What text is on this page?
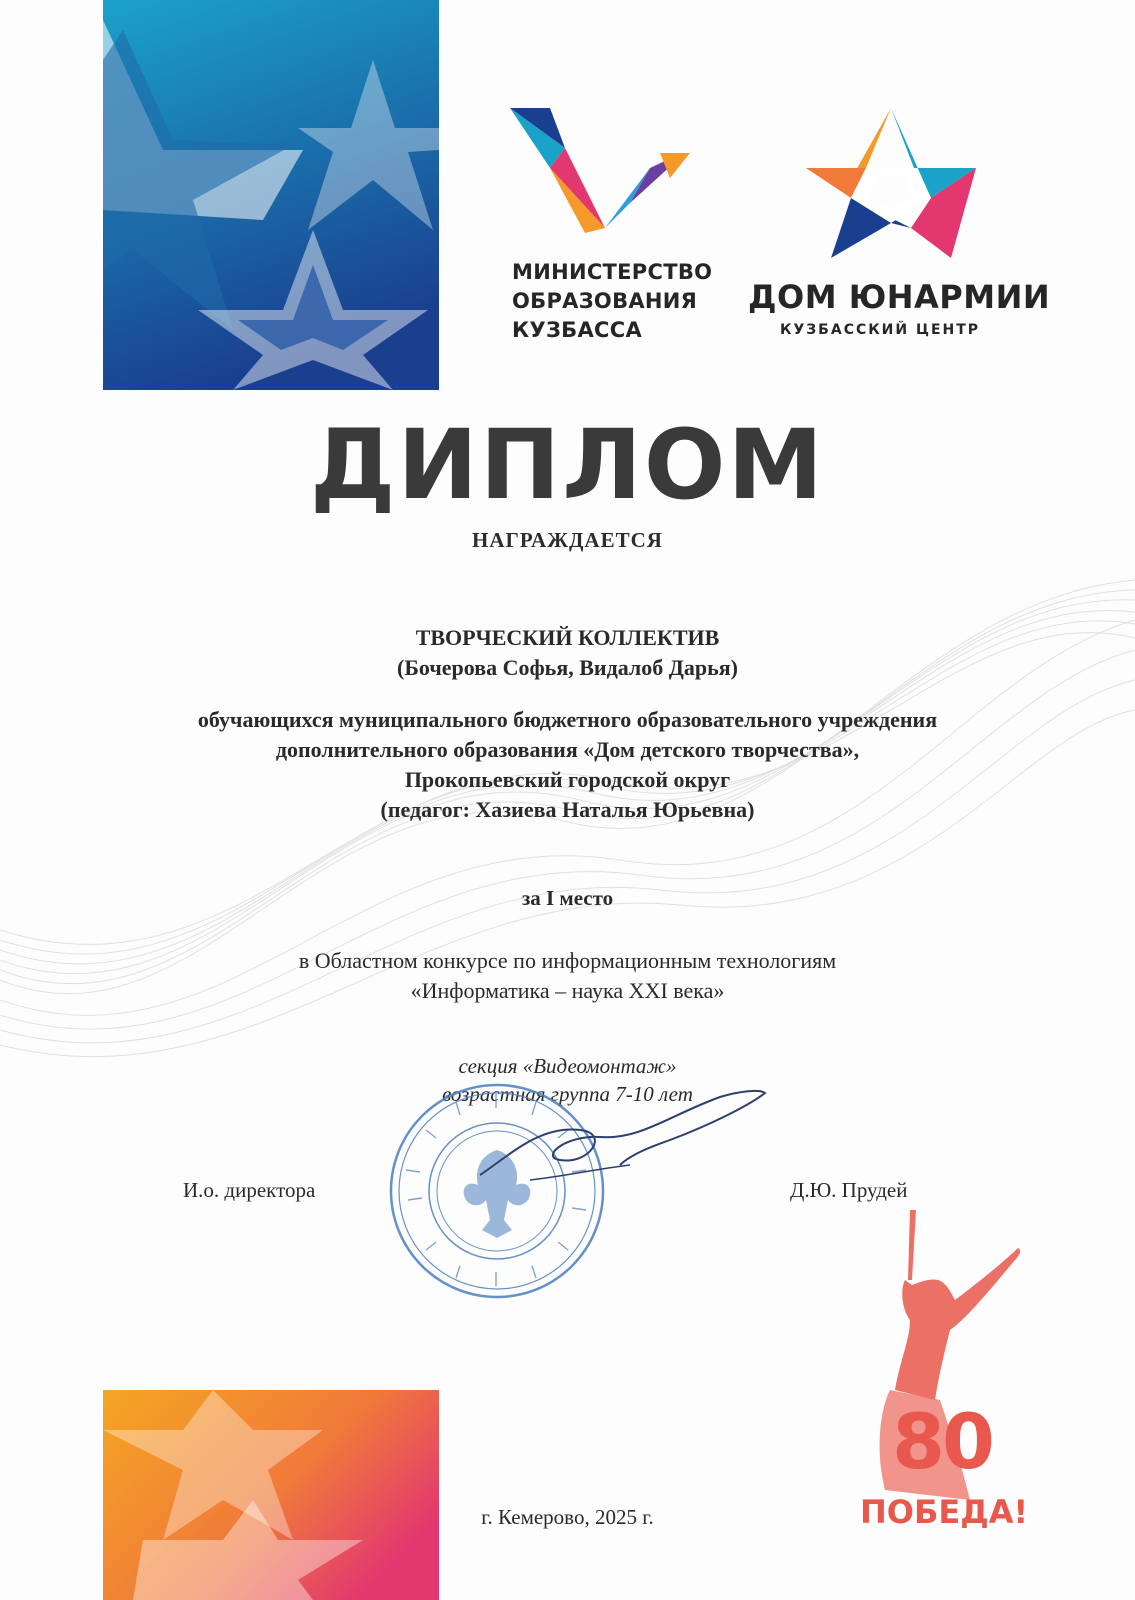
МИНИСТЕРСТВО
ОБРАЗОВАНИЯ
КУЗБАССА
ДОМ ЮНАРМИИ
КУЗБАССКИЙ ЦЕНТР
ДИПЛОМ
НАГРАЖДАЕТСЯ
ТВОРЧЕСКИЙ КОЛЛЕКТИВ
(Бочерова Софья, Видалоб Дарья)
обучающихся муниципального бюджетного образовательного учреждения
дополнительного образования «Дом детского творчества»,
Прокопьевский городской округ
(педагог: Хазиева Наталья Юрьевна)
за I место
в Областном конкурсе по информационным технологиям
«Информатика – наука XXI века»
секция «Видеомонтаж»
возрастная группа 7-10 лет
И.о. директора	Д.Ю. Прудей
80
ПОБЕДА!
г. Кемерово, 2025 г.
